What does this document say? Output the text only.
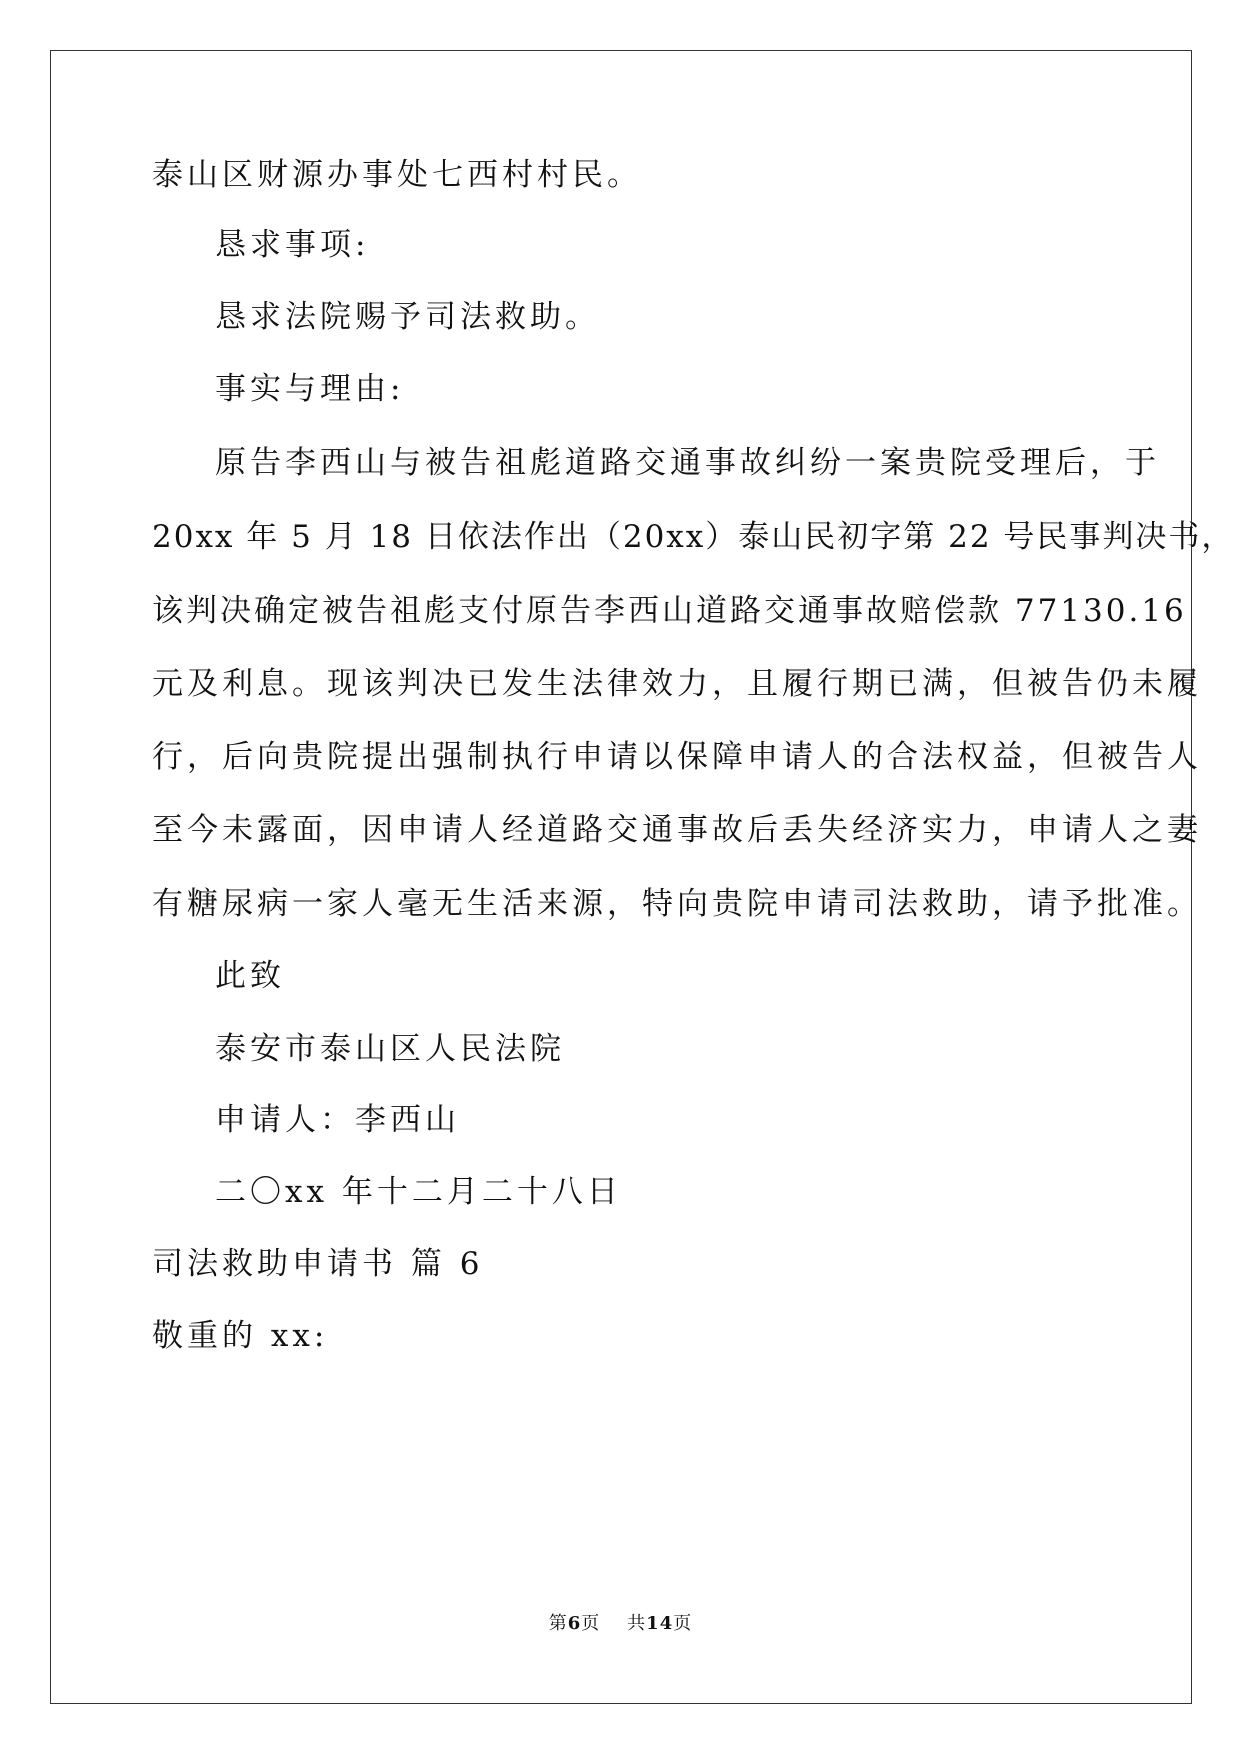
泰山区财源办事处七西村村民。
恳求事项:
恳求法院赐予司法救助。
事实与理由:
原告李西山与被告祖彪道路交通事故纠纷一案贵院受理后，于
20xx 年 5 月 18 日依法作出（20xx）泰山民初字第 22 号民事判决书，
该判决确定被告祖彪支付原告李西山道路交通事故赔偿款 77130.16
元及利息。现该判决已发生法律效力，且履行期已满，但被告仍未履
行，后向贵院提出强制执行申请以保障申请人的合法权益，但被告人
至今未露面，因申请人经道路交通事故后丢失经济实力，申请人之妻
有糖尿病一家人毫无生活来源，特向贵院申请司法救助，请予批准。
此致
泰安市泰山区人民法院
申请人：李西山
二〇xx 年十二月二十八日
司法救助申请书 篇 6
敬重的 xx:
第6页 共14页
